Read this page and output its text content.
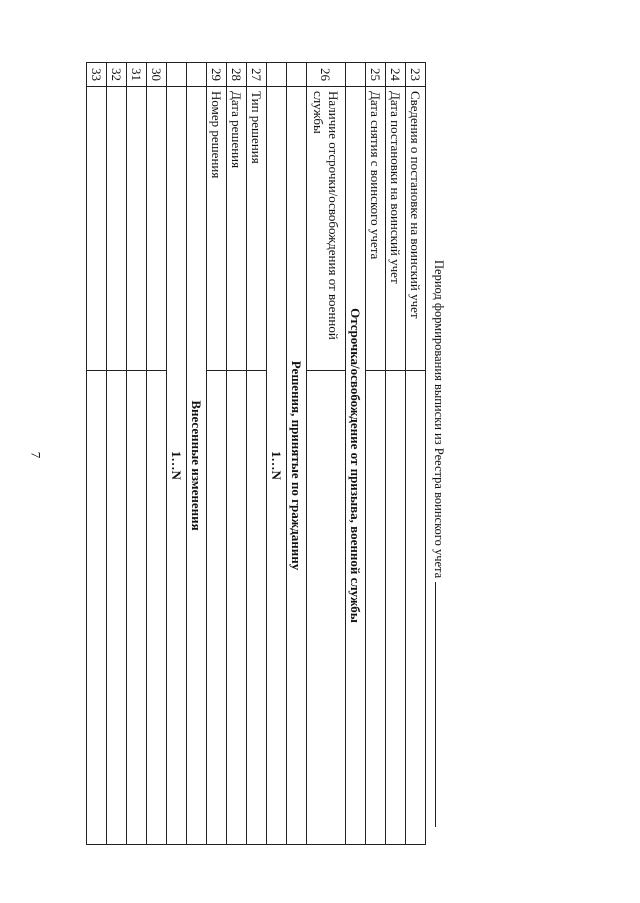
7
23	Сведения о постановке на воинский учет	
24	Дата постановки на воинский учет	
25	Дата снятия с воинского учета	
	Отсрочка/освобождение от призыва, военной службы	
26	Наличие отсрочки/освобождения от военной службы	
	Решения, принятые по гражданину	
	1…N	
27	Тип решения	
28	Дата решения	
29	Номер решения	
	Внесенные изменения	
	1…N	
30		
31		
32		
33		
Период формирования выписки из Реестра воинского учета
